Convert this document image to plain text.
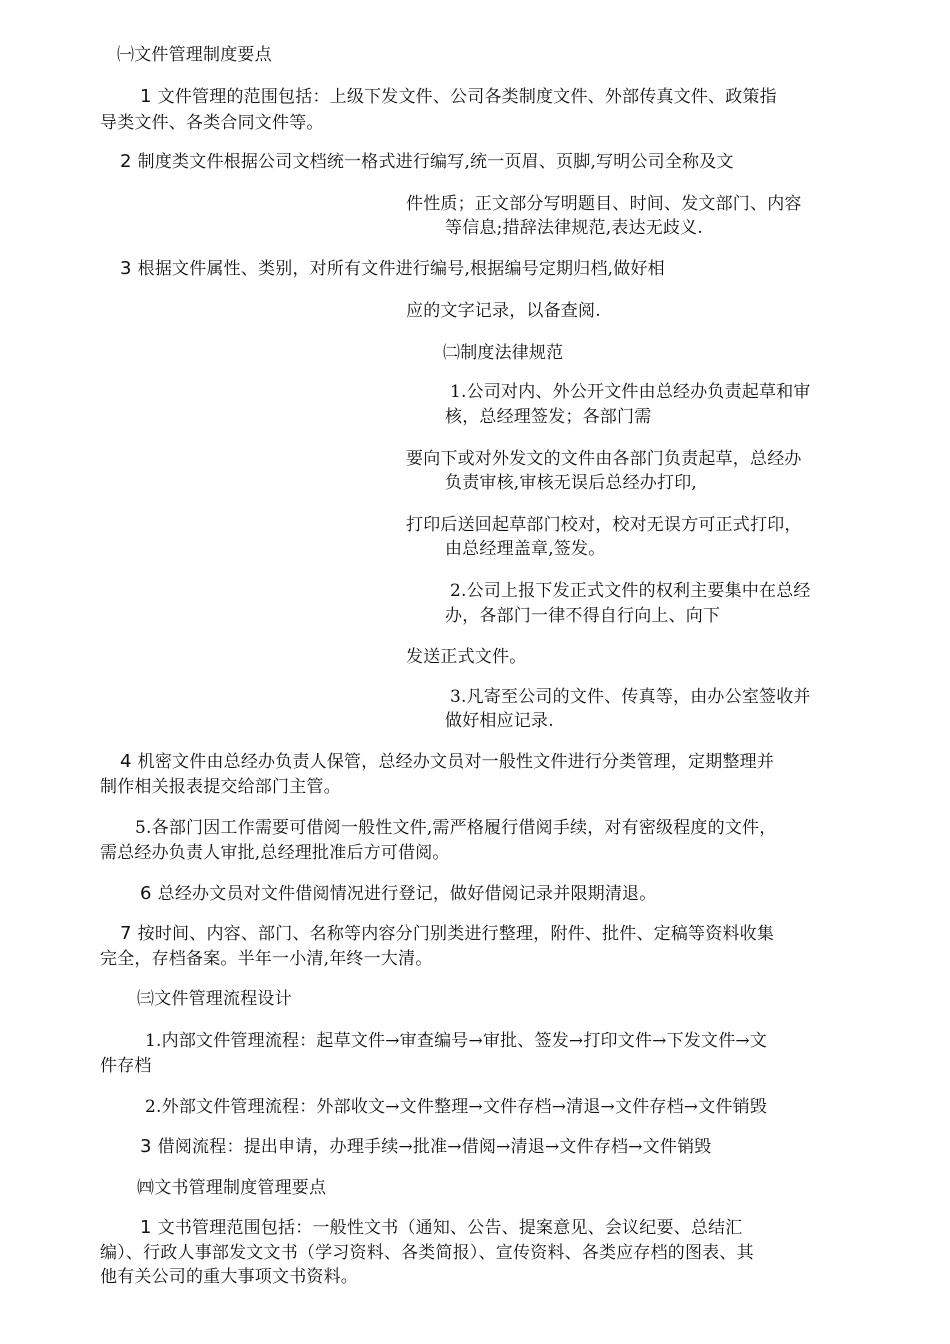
㈠文件管理制度要点
1 文件管理的范围包括：上级下发文件、公司各类制度文件、外部传真文件、政策指
导类文件、各类合同文件等。
2 制度类文件根据公司文档统一格式进行编写,统一页眉、页脚,写明公司全称及文
件性质；正文部分写明题目、时间、发文部门、内容
等信息;措辞法律规范,表达无歧义.
3 根据文件属性、类别，对所有文件进行编号,根据编号定期归档,做好相
应的文字记录，以备查阅.
㈡制度法律规范
1.公司对内、外公开文件由总经办负责起草和审
核，总经理签发；各部门需
要向下或对外发文的文件由各部门负责起草，总经办
负责审核,审核无误后总经办打印,
打印后送回起草部门校对，校对无误方可正式打印，
由总经理盖章,签发。
2.公司上报下发正式文件的权利主要集中在总经
办，各部门一律不得自行向上、向下
发送正式文件。
3.凡寄至公司的文件、传真等，由办公室签收并
做好相应记录.
4 机密文件由总经办负责人保管，总经办文员对一般性文件进行分类管理，定期整理并
制作相关报表提交给部门主管。
5.各部门因工作需要可借阅一般性文件,需严格履行借阅手续，对有密级程度的文件，
需总经办负责人审批,总经理批准后方可借阅。
6 总经办文员对文件借阅情况进行登记，做好借阅记录并限期清退。
7 按时间、内容、部门、名称等内容分门别类进行整理，附件、批件、定稿等资料收集
完全，存档备案。半年一小清,年终一大清。
㈢文件管理流程设计
1.内部文件管理流程：起草文件→审查编号→审批、签发→打印文件→下发文件→文
件存档
2.外部文件管理流程：外部收文→文件整理→文件存档→清退→文件存档→文件销毁
3 借阅流程：提出申请，办理手续→批准→借阅→清退→文件存档→文件销毁
㈣文书管理制度管理要点
1 文书管理范围包括：一般性文书（通知、公告、提案意见、会议纪要、总结汇
编）、行政人事部发文文书（学习资料、各类简报）、宣传资料、各类应存档的图表、其
他有关公司的重大事项文书资料。
